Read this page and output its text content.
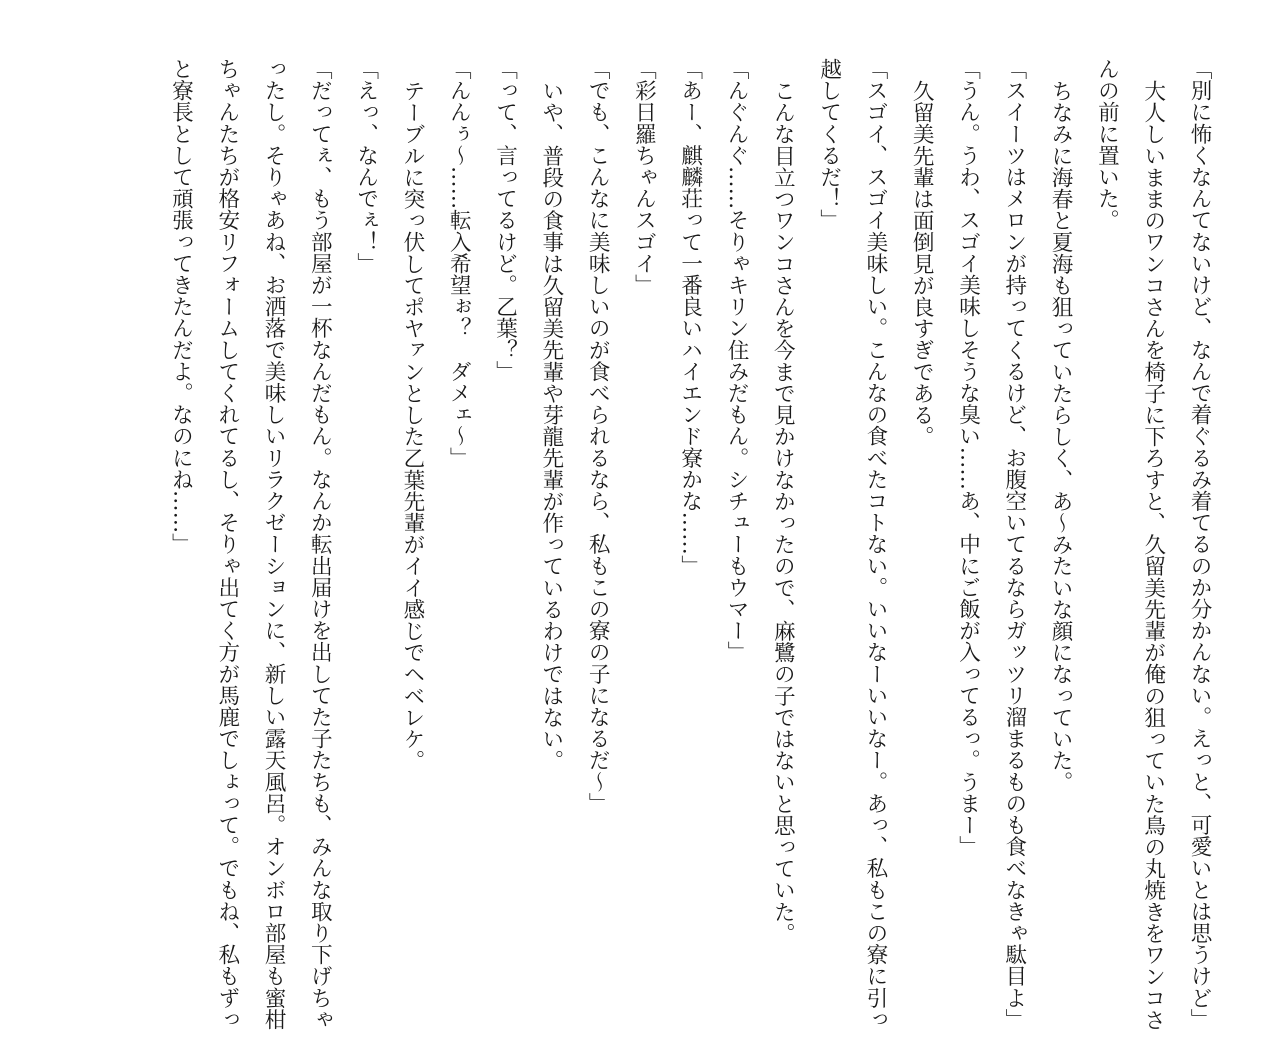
「別に怖くなんてないけど、なんで着ぐるみ着てるのか分かんない。えっと、可愛いとは思うけど」

大人しいままのワンコさんを椅子に下ろすと、久留美先輩が俺の狙っていた鳥の丸焼きをワンコさんの前に置いた。

ちなみに海春と夏海も狙っていたらしく、あ〜みたいな顔になっていた。

「スイーツはメロンが持ってくるけど、お腹空いてるならガッツリ溜まるものも食べなきゃ駄目よ」

「うん。うわ、スゴイ美味しそうな臭い……あ、中にご飯が入ってるっ。うまー」

久留美先輩は面倒見が良すぎである。

「スゴイ、スゴイ美味しい。こんなの食べたコトない。いいなーいいなー。あっ、私もこの寮に引っ越してくるだ！」

こんな目立つワンコさんを今まで見かけなかったので、麻鷺の子ではないと思っていた。

「んぐんぐ……そりゃキリン住みだもん。シチューもウマー」

「あー、麒麟荘って一番良いハイエンド寮かな……」

「彩日羅ちゃんスゴイ」

「でも、こんなに美味しいのが食べられるなら、私もこの寮の子になるだ〜」

いや、普段の食事は久留美先輩や芽龍先輩が作っているわけではない。

「って、言ってるけど。乙葉？」

「んんぅ〜……転入希望ぉ？　ダメェ〜」

テーブルに突っ伏してポヤァンとした乙葉先輩がイイ感じでヘベレケ。

「えっ、なんでぇ！」

「だってぇ、もう部屋が一杯なんだもん。なんか転出届けを出してた子たちも、みんな取り下げちゃったし。そりゃあね、お洒落で美味しいリラクゼーションに、新しい露天風呂。オンボロ部屋も蜜柑ちゃんたちが格安リフォームしてくれてるし、そりゃ出てく方が馬鹿でしょって。でもね、私もずっと寮長として頑張ってきたんだよ。なのにね……」
